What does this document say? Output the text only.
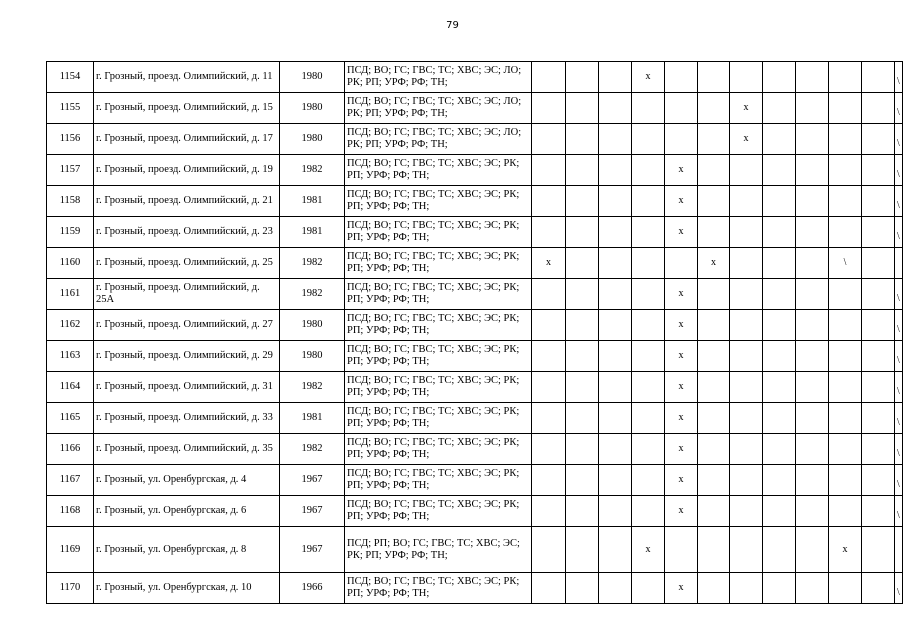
79
1154	г. Грозный, проезд. Олимпийский, д. 11	1980	ПСД; ВО; ГС; ГВС; ТС; ХВС; ЭС; ЛО; РК; РП; УРФ; РФ; ТН;				x								\
1155	г. Грозный, проезд. Олимпийский, д. 15	1980	ПСД; ВО; ГС; ГВС; ТС; ХВС; ЭС; ЛО; РК; РП; УРФ; РФ; ТН;							x					\
1156	г. Грозный, проезд. Олимпийский, д. 17	1980	ПСД; ВО; ГС; ГВС; ТС; ХВС; ЭС; ЛО; РК; РП; УРФ; РФ; ТН;							x					\
1157	г. Грозный, проезд. Олимпийский, д. 19	1982	ПСД; ВО; ГС; ГВС; ТС; ХВС; ЭС; РК; РП; УРФ; РФ; ТН;					x							\
1158	г. Грозный, проезд. Олимпийский, д. 21	1981	ПСД; ВО; ГС; ГВС; ТС; ХВС; ЭС; РК; РП; УРФ; РФ; ТН;					x							\
1159	г. Грозный, проезд. Олимпийский, д. 23	1981	ПСД; ВО; ГС; ГВС; ТС; ХВС; ЭС; РК; РП; УРФ; РФ; ТН;					x							\
1160	г. Грозный, проезд. Олимпийский, д. 25	1982	ПСД; ВО; ГС; ГВС; ТС; ХВС; ЭС; РК; РП; УРФ; РФ; ТН;	x					x				\		
1161	г. Грозный, проезд. Олимпийский, д. 25А	1982	ПСД; ВО; ГС; ГВС; ТС; ХВС; ЭС; РК; РП; УРФ; РФ; ТН;					x							\
1162	г. Грозный, проезд. Олимпийский, д. 27	1980	ПСД; ВО; ГС; ГВС; ТС; ХВС; ЭС; РК; РП; УРФ; РФ; ТН;					x							\
1163	г. Грозный, проезд. Олимпийский, д. 29	1980	ПСД; ВО; ГС; ГВС; ТС; ХВС; ЭС; РК; РП; УРФ; РФ; ТН;					x							\
1164	г. Грозный, проезд. Олимпийский, д. 31	1982	ПСД; ВО; ГС; ГВС; ТС; ХВС; ЭС; РК; РП; УРФ; РФ; ТН;					x							\
1165	г. Грозный, проезд. Олимпийский, д. 33	1981	ПСД; ВО; ГС; ГВС; ТС; ХВС; ЭС; РК; РП; УРФ; РФ; ТН;					x							\
1166	г. Грозный, проезд. Олимпийский, д. 35	1982	ПСД; ВО; ГС; ГВС; ТС; ХВС; ЭС; РК; РП; УРФ; РФ; ТН;					x							\
1167	г. Грозный, ул. Оренбургская, д. 4	1967	ПСД; ВО; ГС; ГВС; ТС; ХВС; ЭС; РК; РП; УРФ; РФ; ТН;					x							\
1168	г. Грозный, ул. Оренбургская, д. 6	1967	ПСД; ВО; ГС; ГВС; ТС; ХВС; ЭС; РК; РП; УРФ; РФ; ТН;					x							\
1169	г. Грозный, ул. Оренбургская, д. 8	1967	ПСД; РП; ВО; ГС; ГВС; ТС; ХВС; ЭС; РК; РП; УРФ; РФ; ТН;				x						x		
1170	г. Грозный, ул. Оренбургская, д. 10	1966	ПСД; ВО; ГС; ГВС; ТС; ХВС; ЭС; РК; РП; УРФ; РФ; ТН;					x							\
